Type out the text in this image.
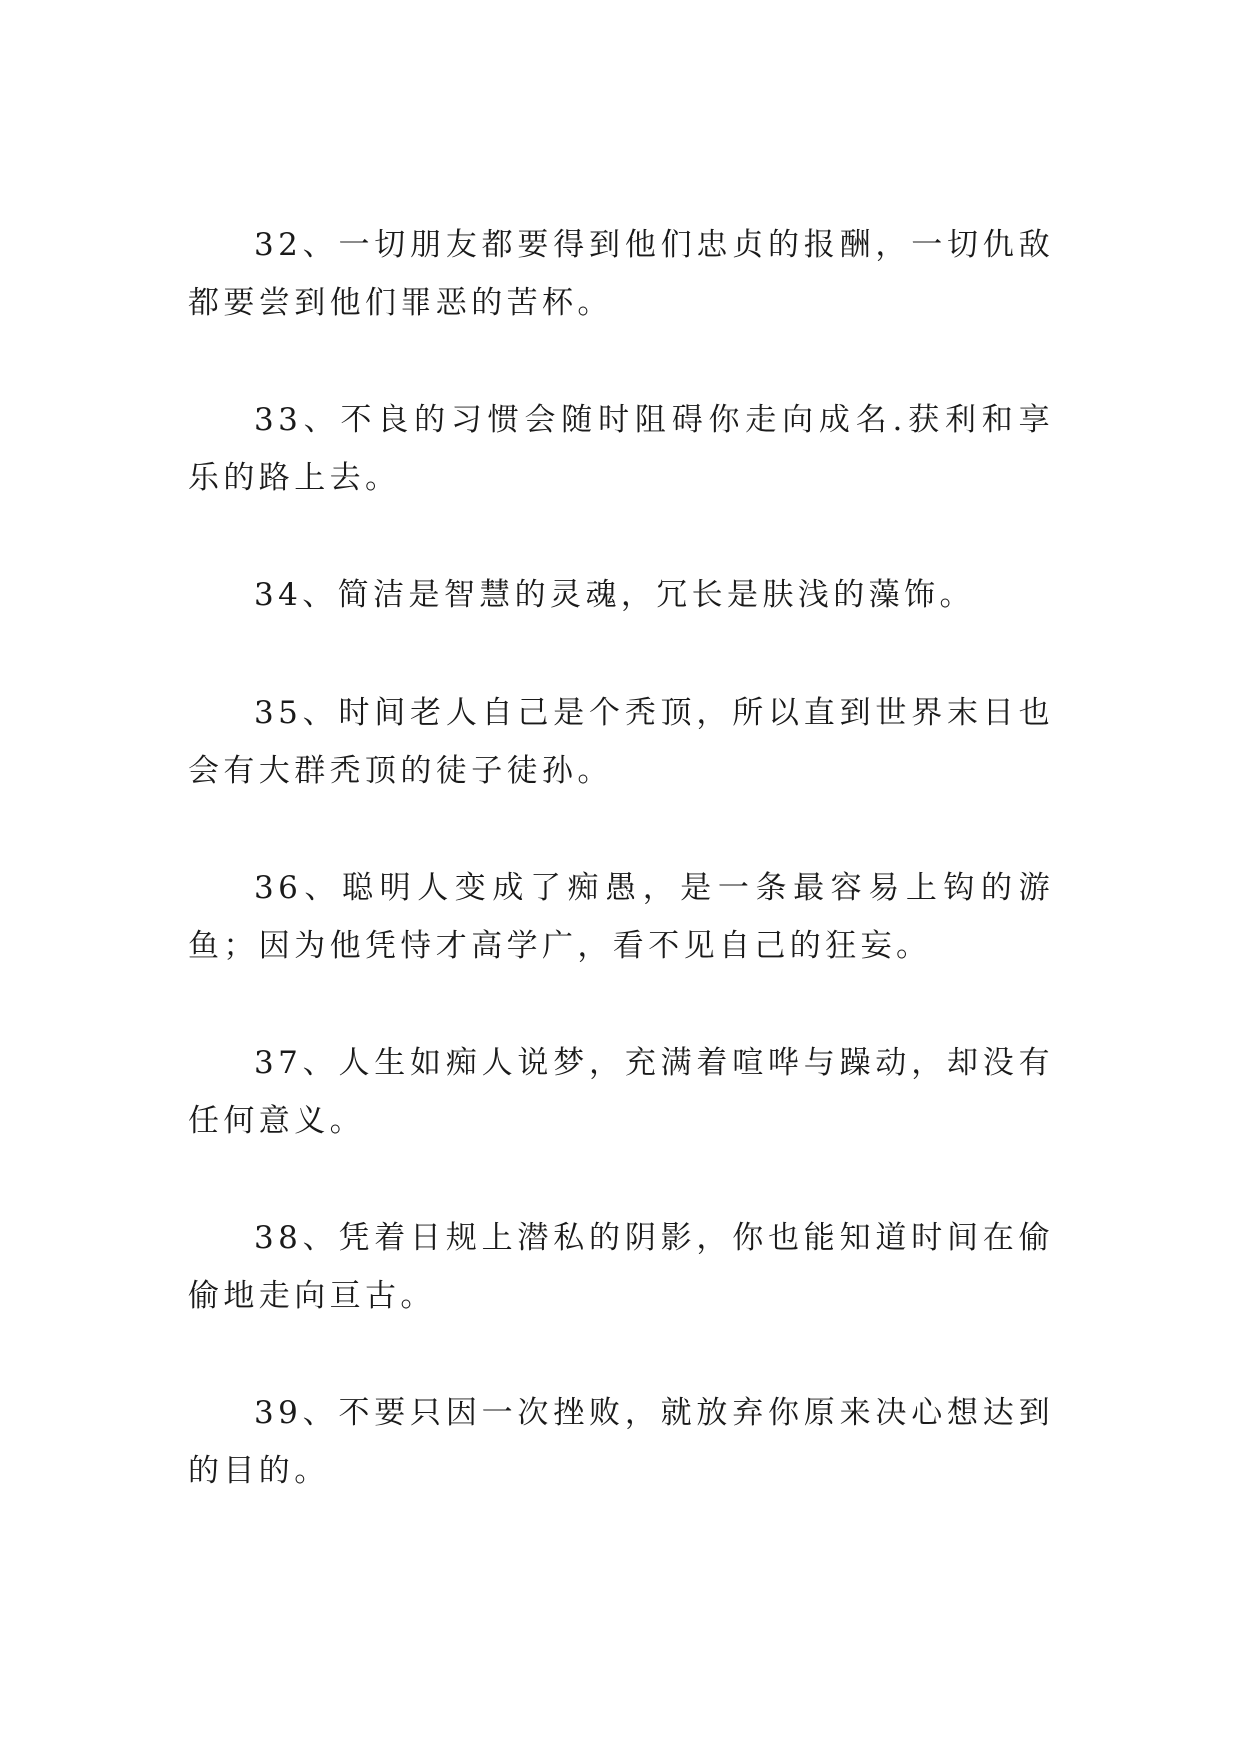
32、一切朋友都要得到他们忠贞的报酬，一切仇敌都要尝到他们罪恶的苦杯。

33、不良的习惯会随时阻碍你走向成名.获利和享乐的路上去。

34、简洁是智慧的灵魂，冗长是肤浅的藻饰。

35、时间老人自己是个秃顶，所以直到世界末日也会有大群秃顶的徒子徒孙。

36、聪明人变成了痴愚，是一条最容易上钩的游鱼；因为他凭恃才高学广，看不见自己的狂妄。

37、人生如痴人说梦，充满着喧哗与躁动，却没有任何意义。

38、凭着日规上潜私的阴影，你也能知道时间在偷偷地走向亘古。

39、不要只因一次挫败，就放弃你原来决心想达到的目的。
